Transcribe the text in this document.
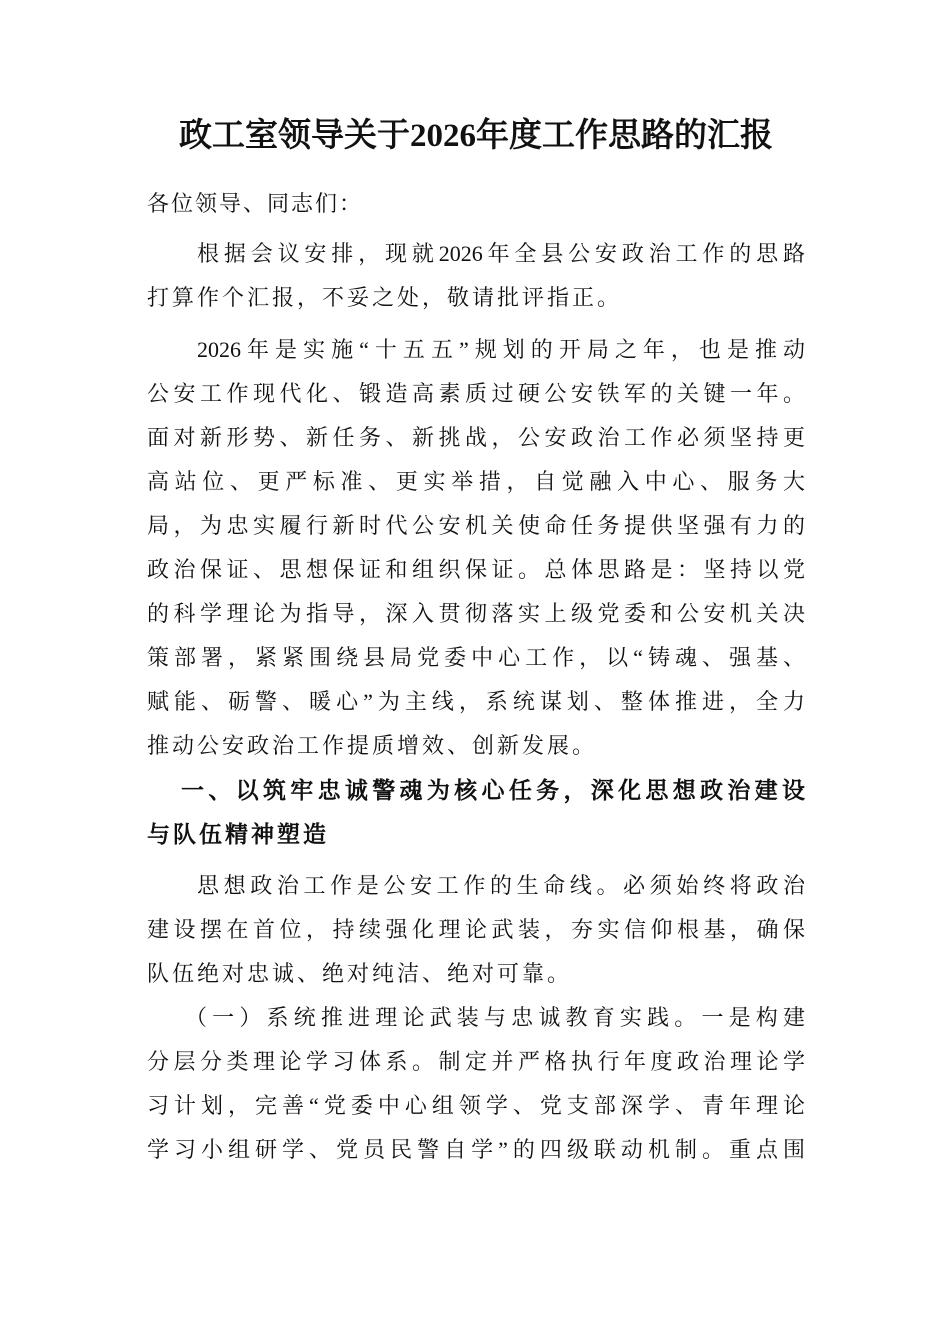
政工室领导关于2026年度工作思路的汇报
各位领导、同志们：
根据会议安排，现就2026年全县公安政治工作的思路
打算作个汇报，不妥之处，敬请批评指正。
2026年是实施“十五五”规划的开局之年，也是推动
公安工作现代化、锻造高素质过硬公安铁军的关键一年。
面对新形势、新任务、新挑战，公安政治工作必须坚持更
高站位、更严标准、更实举措，自觉融入中心、服务大
局，为忠实履行新时代公安机关使命任务提供坚强有力的
政治保证、思想保证和组织保证。总体思路是：坚持以党
的科学理论为指导，深入贯彻落实上级党委和公安机关决
策部署，紧紧围绕县局党委中心工作，以“铸魂、强基、
赋能、砺警、暖心”为主线，系统谋划、整体推进，全力
推动公安政治工作提质增效、创新发展。
一、以筑牢忠诚警魂为核心任务，深化思想政治建设
与队伍精神塑造
思想政治工作是公安工作的生命线。必须始终将政治
建设摆在首位，持续强化理论武装，夯实信仰根基，确保
队伍绝对忠诚、绝对纯洁、绝对可靠。
（一）系统推进理论武装与忠诚教育实践。一是构建
分层分类理论学习体系。制定并严格执行年度政治理论学
习计划，完善“党委中心组领学、党支部深学、青年理论
学习小组研学、党员民警自学”的四级联动机制。重点围
